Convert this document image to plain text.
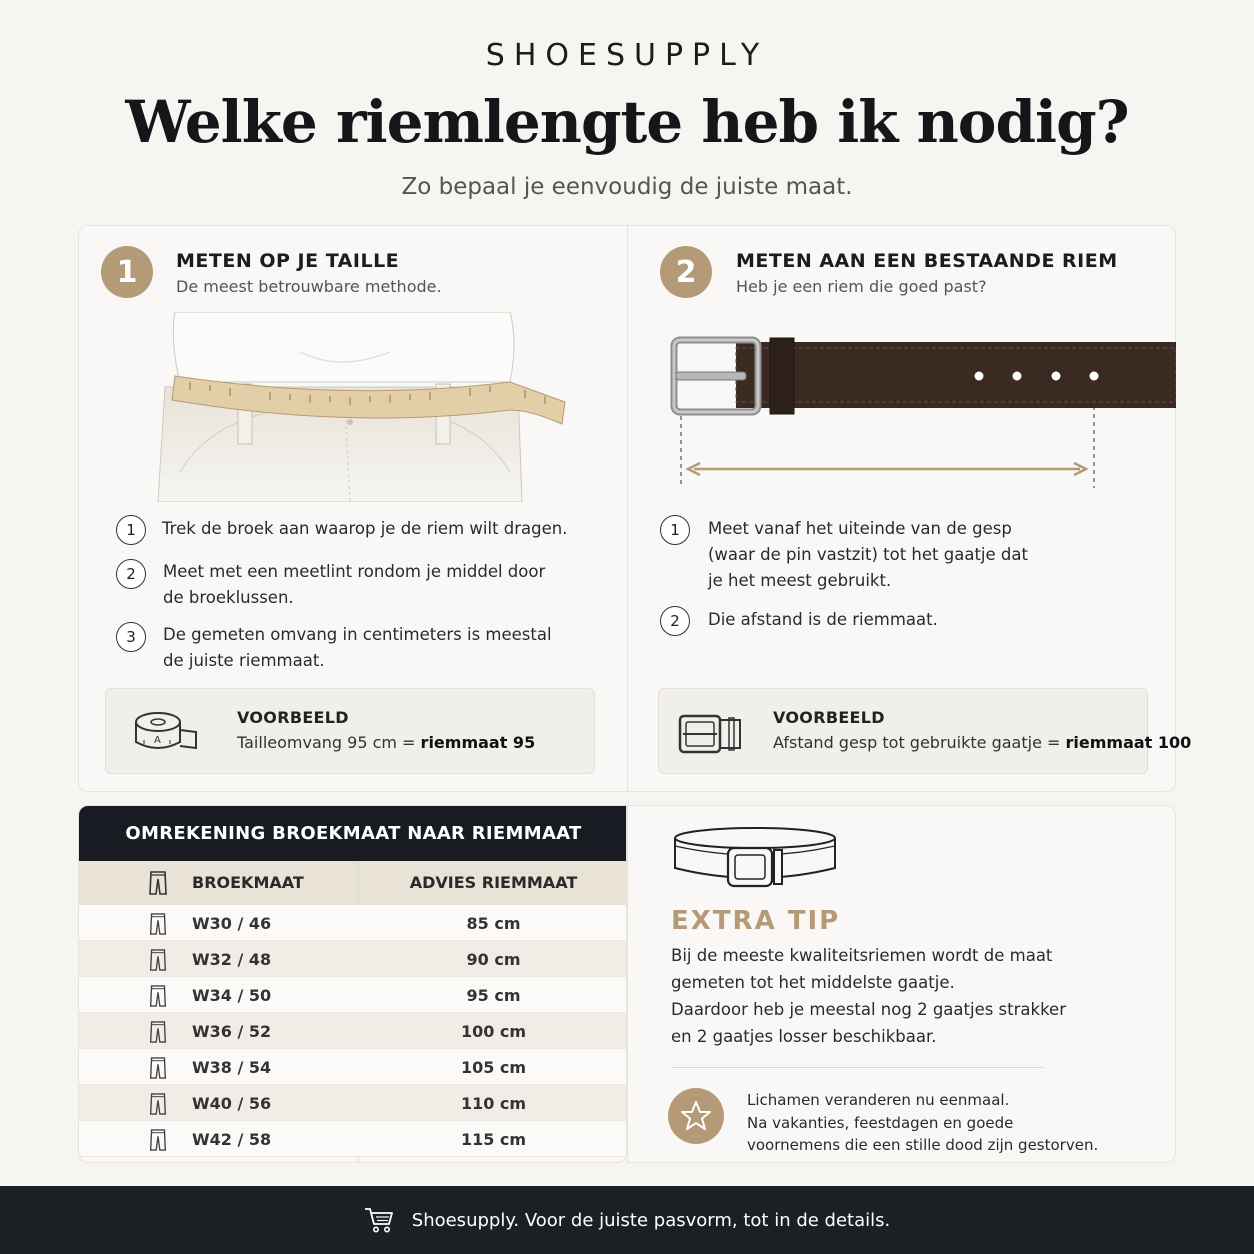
SHOESUPPLY
Welke riemlengte heb ik nodig?
Zo bepaal je eenvoudig de juiste maat.
1	METEN OP JE TAILLE
De meest betrouwbare methode.
1	Trek de broek aan waarop je de riem wilt dragen.
2	Meet met een meetlint rondom je middel door
de broeklussen.
3	De gemeten omvang in centimeters is meestal
de juiste riemmaat.
A
VOORBEELD
Tailleomvang 95 cm = riemmaat 95
2	METEN AAN EEN BESTAANDE RIEM
Heb je een riem die goed past?
1	Meet vanaf het uiteinde van de gesp
(waar de pin vastzit) tot het gaatje dat
je het meest gebruikt.
2	Die afstand is de riemmaat.
VOORBEELD
Afstand gesp tot gebruikte gaatje = riemmaat 100
OMREKENING BROEKMAAT NAAR RIEMMAAT
BROEKMAAT	ADVIES RIEMMAAT
W30 / 46	85 cm
W32 / 48	90 cm
W34 / 50	95 cm
W36 / 52	100 cm
W38 / 54	105 cm
W40 / 56	110 cm
W42 / 58	115 cm
EXTRA TIP
Bij de meeste kwaliteitsriemen wordt de maat
gemeten tot het middelste gaatje.
Daardoor heb je meestal nog 2 gaatjes strakker
en 2 gaatjes losser beschikbaar.
Lichamen veranderen nu eenmaal.
Na vakanties, feestdagen en goede
voornemens die een stille dood zijn gestorven.
Shoesupply. Voor de juiste pasvorm, tot in de details.
